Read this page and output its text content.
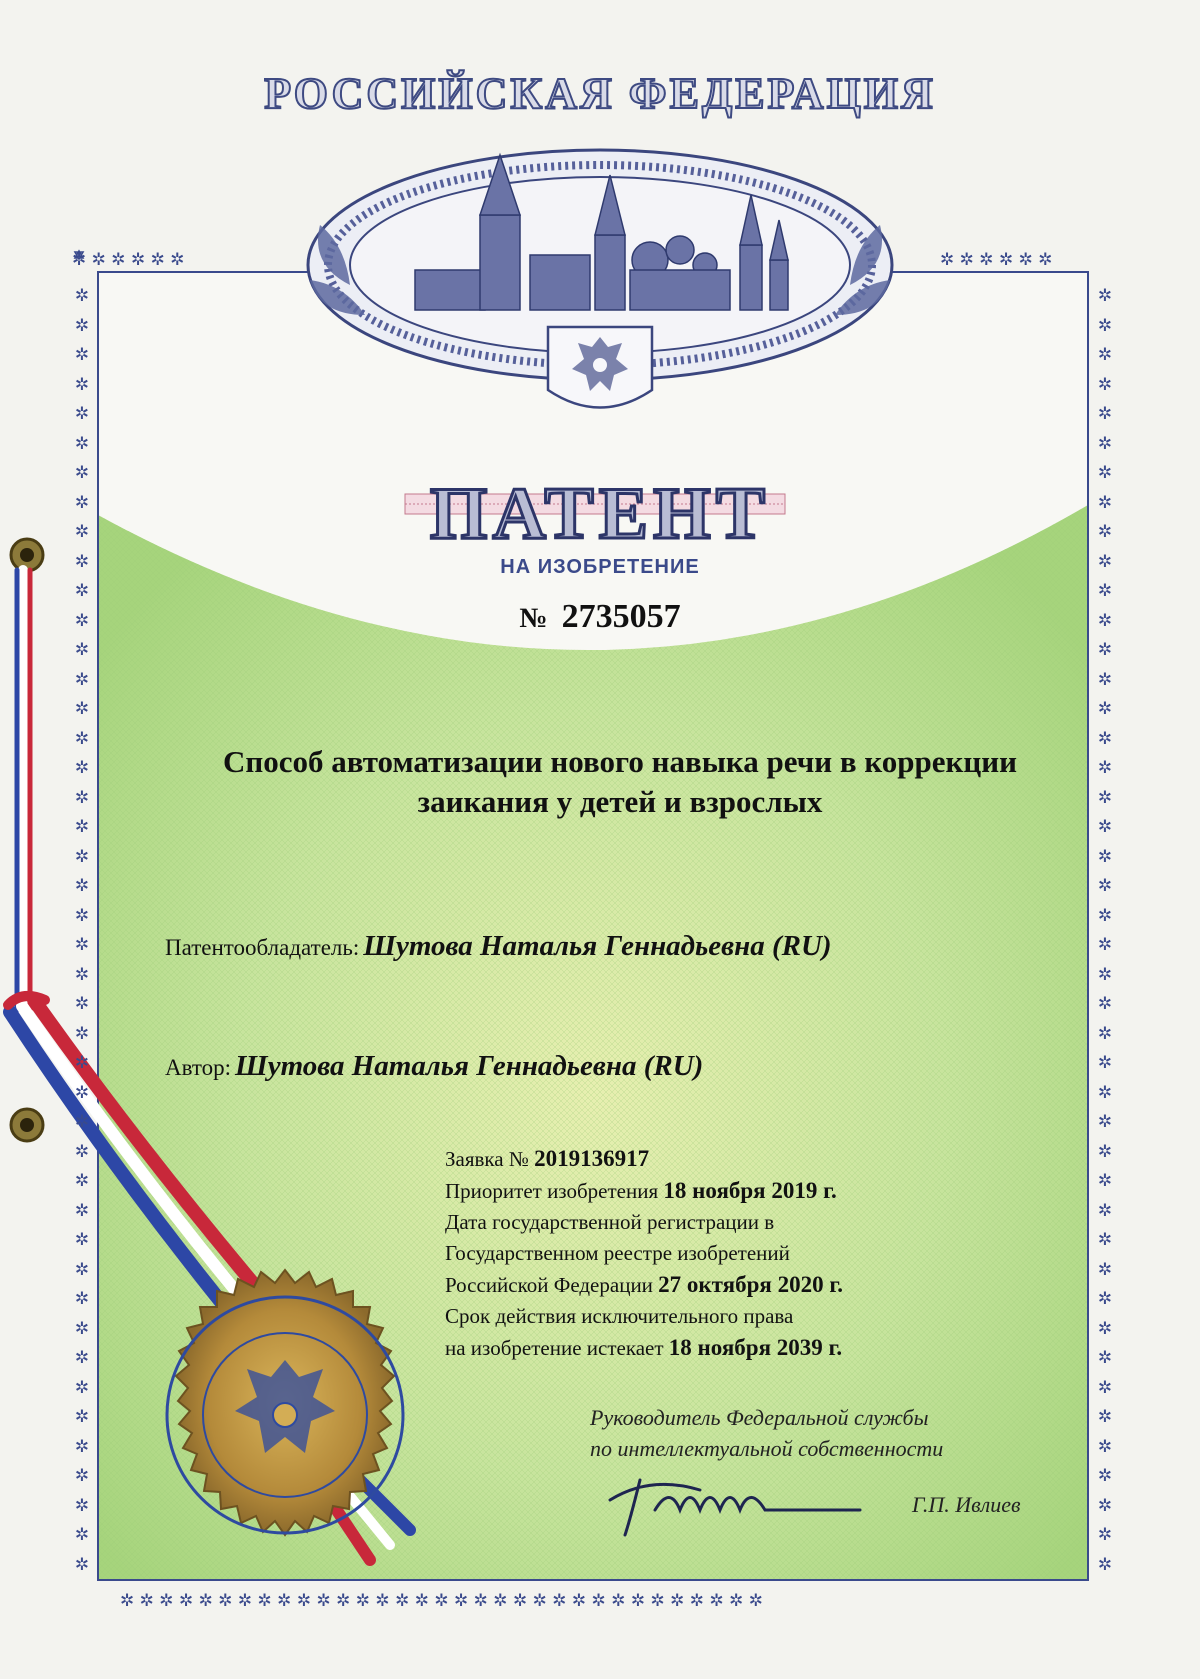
✲ ✲ ✲ ✲ ✲ ✲	✲ ✲ ✲ ✲ ✲ ✲
✲ ✲ ✲ ✲ ✲ ✲ ✲ ✲ ✲ ✲ ✲ ✲ ✲ ✲ ✲ ✲ ✲ ✲ ✲ ✲ ✲ ✲ ✲ ✲ ✲ ✲ ✲ ✲ ✲ ✲ ✲ ✲ ✲
✲
✲
✲
✲
✲
✲
✲
✲
✲
✲
✲
✲
✲
✲
✲
✲
✲
✲
✲
✲
✲
✲
✲
✲
✲
✲
✲
✲
✲
✲
✲
✲
✲
✲
✲
✲
✲
✲
✲
✲
✲
✲
✲
✲
✲
✲
✲
✲
✲
✲
✲
✲
✲
✲
✲
✲
✲
✲
✲
✲
✲
✲
✲
✲
✲
✲
✲
✲
✲
✲
✲
✲
✲
✲
✲
✲
✲
✲
✲
✲
✲
✲
✲
✲
✲
✲
✲
✲
РОССИЙСКАЯ ФЕДЕРАЦИЯ
ПАТЕНТ
НА ИЗОБРЕТЕНИЕ
№ 2735057
Способ автоматизации нового навыка речи в коррекции
заикания у детей и взрослых
Патентообладатель: Шутова Наталья Геннадьевна (RU)
Автор: Шутова Наталья Геннадьевна (RU)
Заявка № 2019136917
Приоритет изобретения 18 ноября 2019 г.
Дата государственной регистрации в
Государственном реестре изобретений
Российской Федерации 27 октября 2020 г.
Срок действия исключительного права
на изобретение истекает 18 ноября 2039 г.
Руководитель Федеральной службы
по интеллектуальной собственности
Г.П. Ивлиев
